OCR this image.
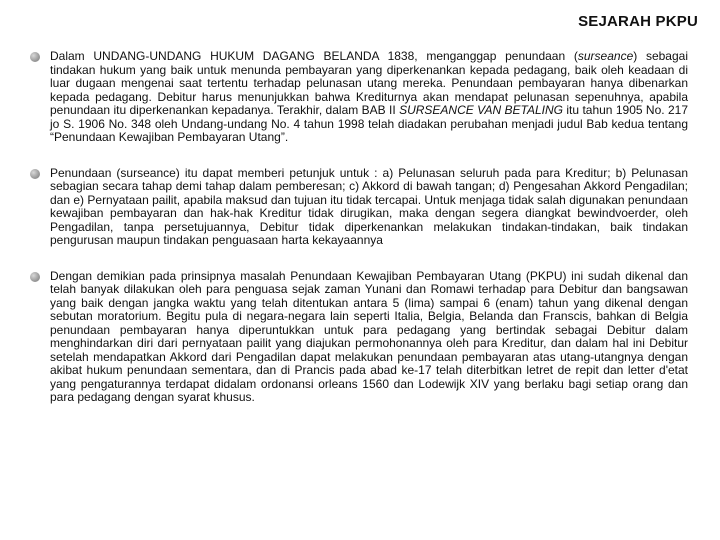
SEJARAH PKPU
Dalam UNDANG-UNDANG HUKUM DAGANG BELANDA 1838, menganggap penundaan (surseance) sebagai tindakan hukum yang baik untuk menunda pembayaran yang diperkenankan kepada pedagang, baik oleh keadaan di luar dugaan mengenai saat tertentu terhadap pelunasan utang mereka. Penundaan pembayaran hanya dibenarkan kepada pedagang. Debitur harus menunjukkan bahwa Krediturnya akan mendapat pelunasan sepenuhnya, apabila penundaan itu diperkenankan kepadanya. Terakhir, dalam BAB II SURSEANCE VAN BETALING itu tahun 1905 No. 217 jo S. 1906 No. 348 oleh Undang-undang No. 4 tahun 1998 telah diadakan perubahan menjadi judul Bab kedua tentang “Penundaan Kewajiban Pembayaran Utang”.
Penundaan (surseance) itu dapat memberi petunjuk untuk : a) Pelunasan seluruh pada para Kreditur; b) Pelunasan sebagian secara tahap demi tahap dalam pemberesan; c) Akkord di bawah tangan; d) Pengesahan Akkord Pengadilan; dan e) Pernyataan pailit, apabila maksud dan tujuan itu tidak tercapai. Untuk menjaga tidak salah digunakan penundaan kewajiban pembayaran dan hak-hak Kreditur tidak dirugikan, maka dengan segera diangkat bewindvoerder, oleh Pengadilan, tanpa persetujuannya, Debitur tidak diperkenankan melakukan tindakan-tindakan, baik tindakan pengurusan maupun tindakan penguasaan harta kekayaannya
Dengan demikian pada prinsipnya masalah Penundaan Kewajiban Pembayaran Utang (PKPU) ini sudah dikenal dan telah banyak dilakukan oleh para penguasa sejak zaman Yunani dan Romawi terhadap para Debitur dan bangsawan yang baik dengan jangka waktu yang telah ditentukan antara 5 (lima) sampai 6 (enam) tahun yang dikenal dengan sebutan moratorium. Begitu pula di negara-negara lain seperti Italia, Belgia, Belanda dan Franscis, bahkan di Belgia penundaan pembayaran hanya diperuntukkan untuk para pedagang yang bertindak sebagai Debitur dalam menghindarkan diri dari pernyataan pailit yang diajukan permohonannya oleh para Kreditur, dan dalam hal ini Debitur setelah mendapatkan Akkord dari Pengadilan dapat melakukan penundaan pembayaran atas utang-utangnya dengan akibat hukum penundaan sementara, dan di Prancis pada abad ke-17 telah diterbitkan letret de repit dan letter d'etat yang pengaturannya terdapat didalam ordonansi orleans 1560 dan Lodewijk XIV yang berlaku bagi setiap orang dan para pedagang dengan syarat khusus.
